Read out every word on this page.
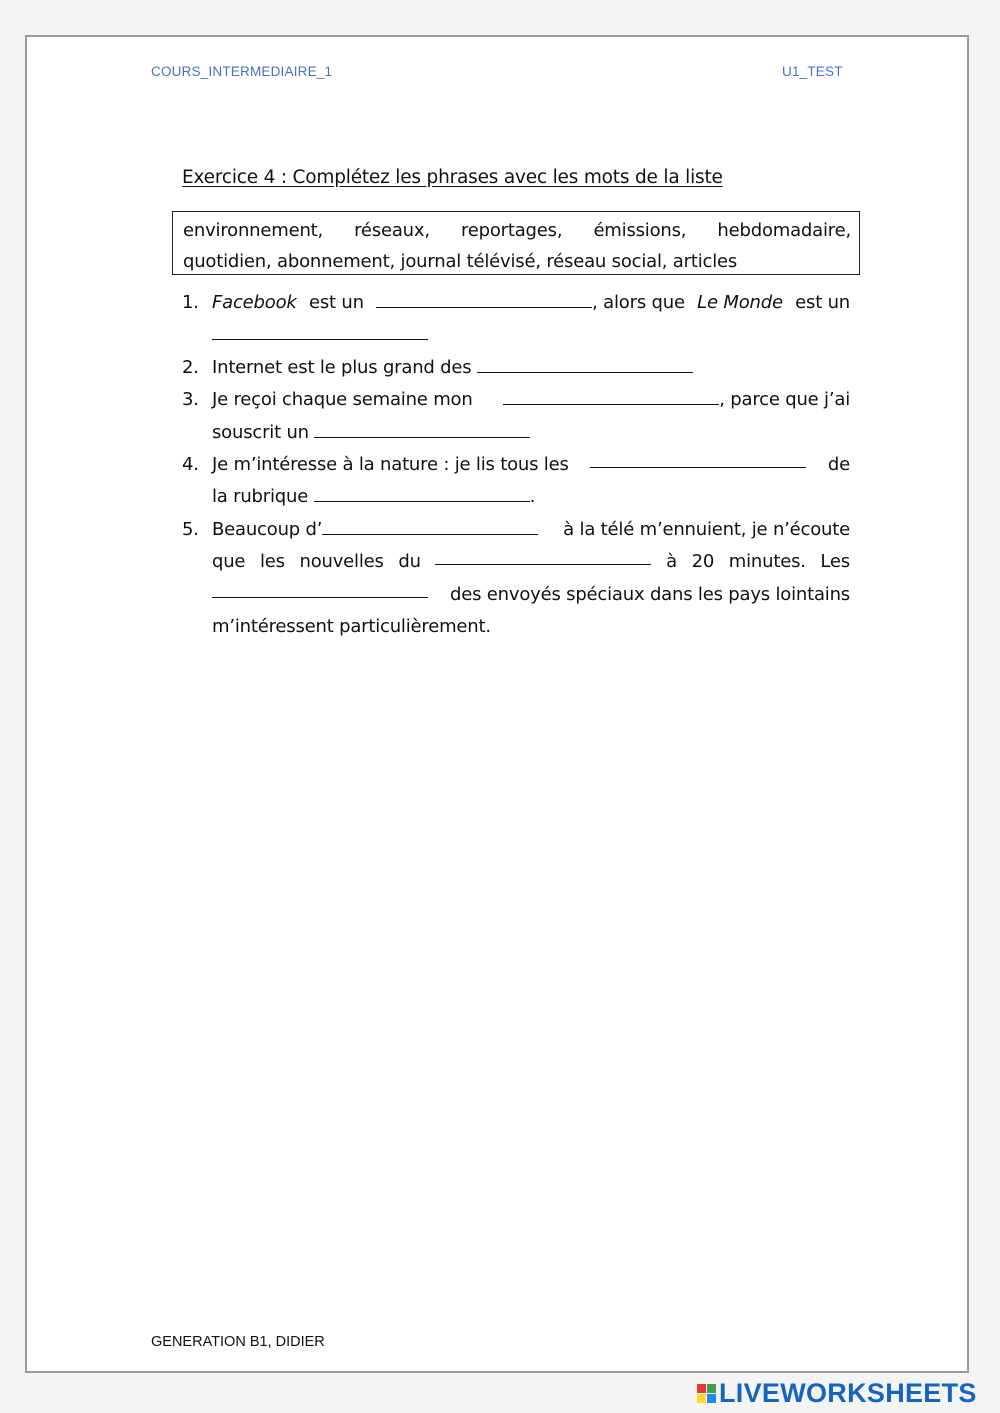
COURS_INTERMEDIAIRE_1	U1_TEST
Exercice 4 : Complétez les phrases avec les mots de la liste
environnement, réseaux, reportages, émissions, hebdomadaire,
quotidien, abonnement, journal télévisé, réseau social, articles
1. Facebook est un	, alors que Le Monde est un
2. Internet est le plus grand des
3. Je reçoi chaque semaine mon	, parce que j’ai
souscrit un
4. Je m’intéresse à la nature : je lis tous les	de
la rubrique	.
5. Beaucoup d’	à la télé m’ennuient, je n’écoute
que les nouvelles du	à 20 minutes. Les
des envoyés spéciaux dans les pays lointains
m’intéressent particulièrement.
GENERATION B1, DIDIER
LIVEWORKSHEETS
